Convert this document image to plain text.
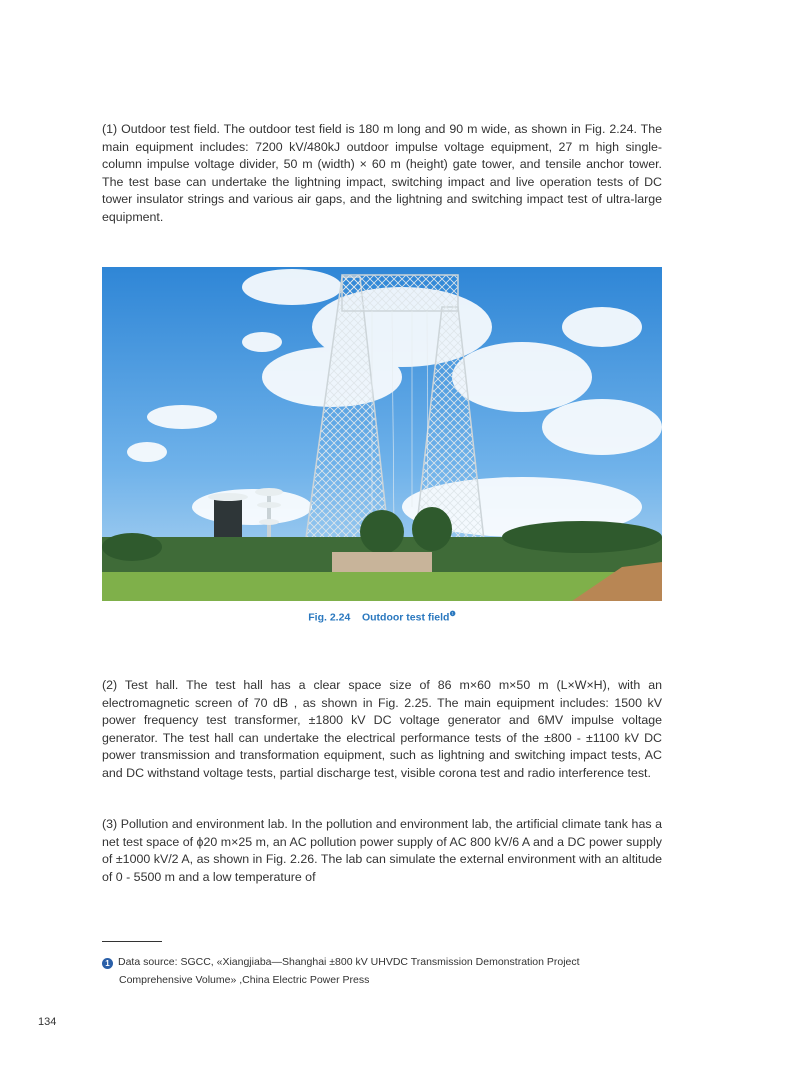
(1) Outdoor test field. The outdoor test field is 180 m long and 90 m wide, as shown in Fig. 2.24. The main equipment includes: 7200 kV/480kJ outdoor impulse voltage equipment, 27 m high single-column impulse voltage divider, 50 m (width) × 60 m (height) gate tower, and tensile anchor tower. The test base can undertake the lightning impact, switching impact and live operation tests of DC tower insulator strings and various air gaps, and the lightning and switching impact test of ultra-large equipment.

Fig. 2.24    Outdoor test field$^❶$

(2) Test hall. The test hall has a clear space size of 86 m×60 m×50 m (L×W×H), with an electromagnetic screen of 70 dB , as shown in Fig. 2.25. The main equipment includes: 1500 kV power frequency test transformer, ±1800 kV DC voltage generator and 6MV impulse voltage generator. The test hall can undertake the electrical performance tests of the ±800 - ±1100 kV DC power transmission and transformation equipment, such as lightning and switching impact tests, AC and DC withstand voltage tests, partial discharge test, visible corona test and radio interference test.

(3) Pollution and environment lab. In the pollution and environment lab, the artificial climate tank has a net test space of ϕ20 m×25 m, an AC pollution power supply of AC 800 kV/6 A and a DC power supply of ±1000 kV/2 A, as shown in Fig. 2.26. The lab can simulate the external environment with an altitude of 0 - 5500 m and a low temperature of

1 Data source: SGCC, «Xiangjiaba—Shanghai ±800 kV UHVDC Transmission Demonstration Project
Comprehensive Volume» ,China Electric Power Press
134
